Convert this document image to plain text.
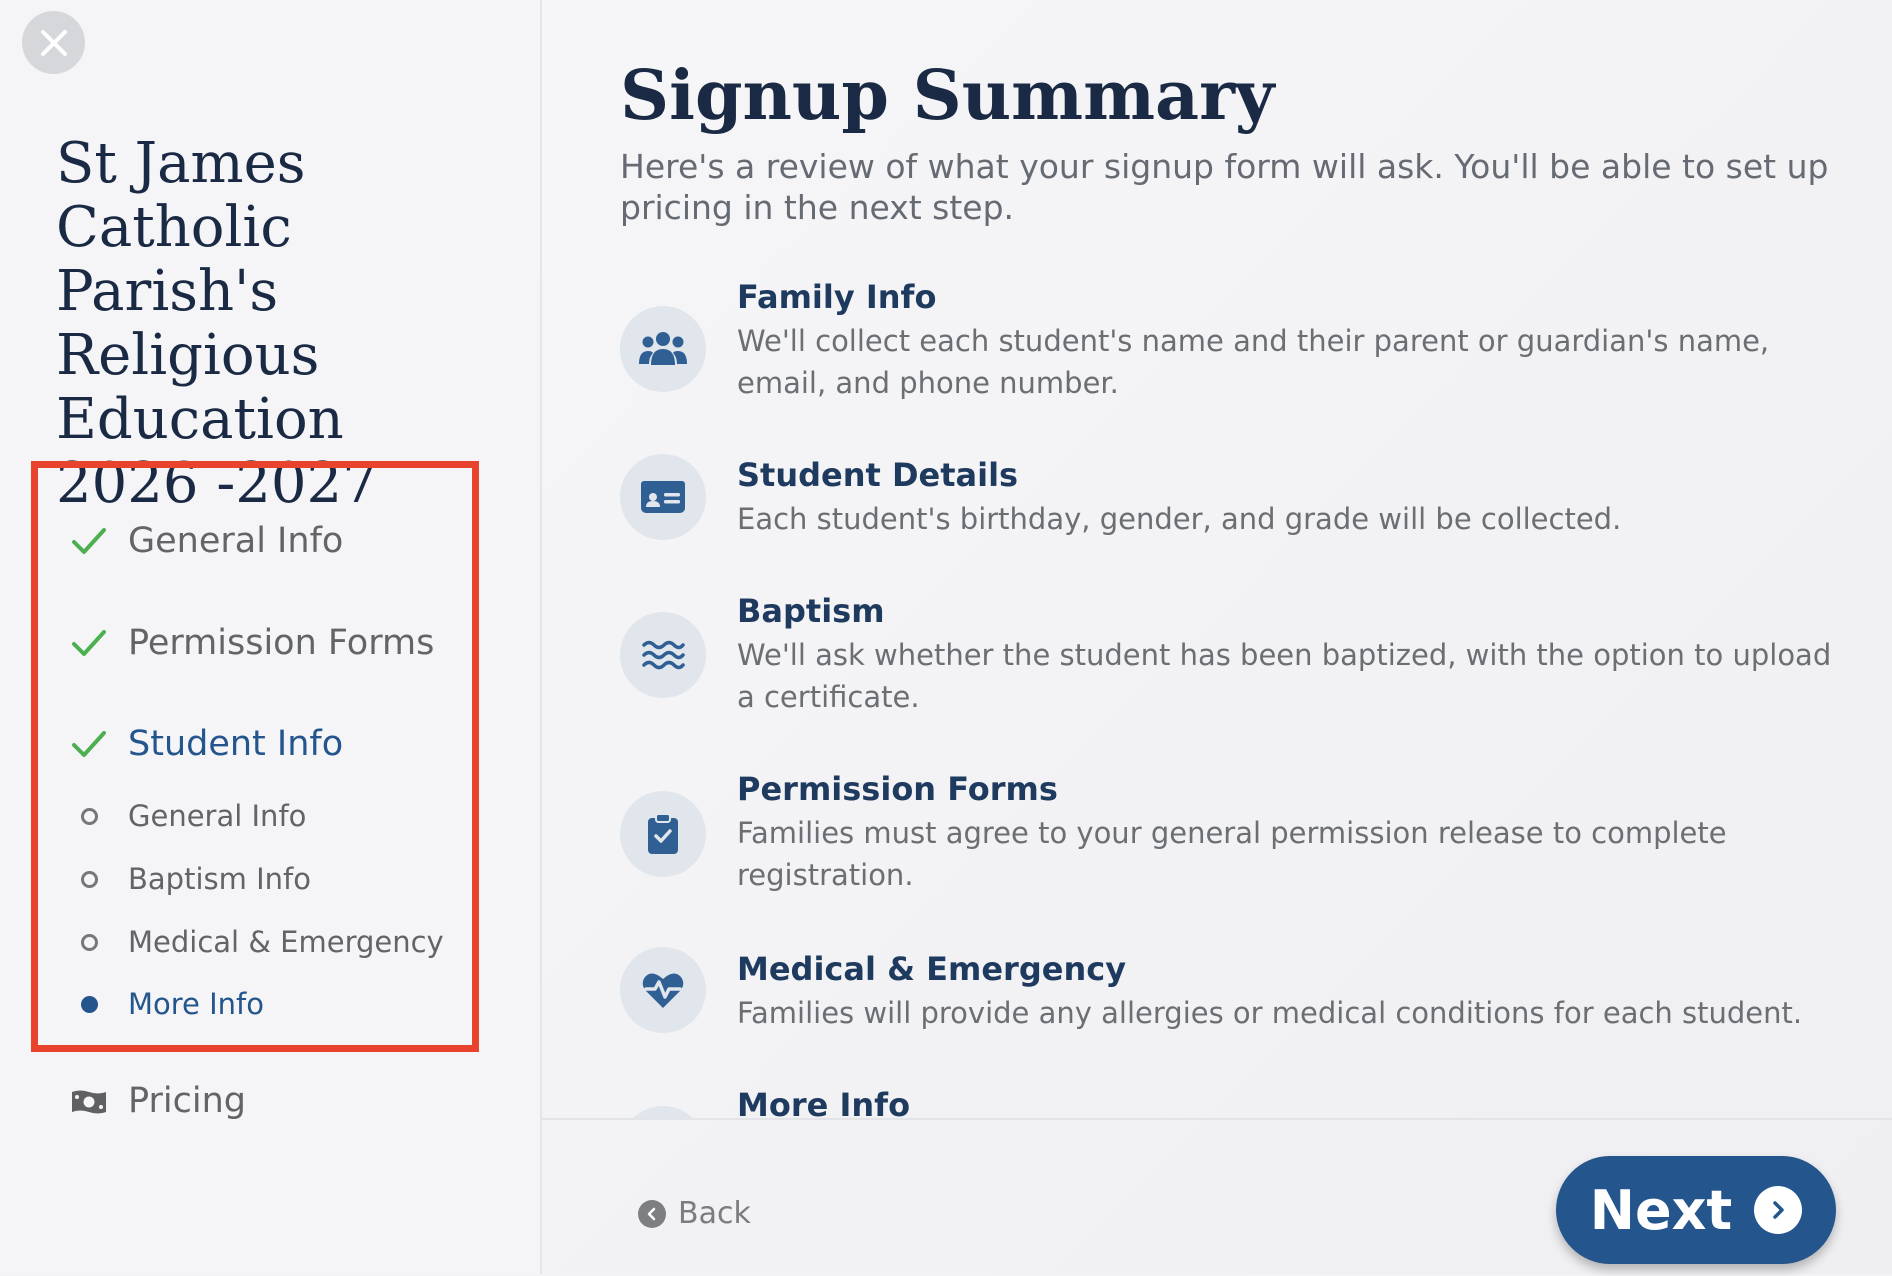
St James Catholic Parish's Religious Education 2026 -2027
General Info
Permission Forms
Student Info
General Info
Baptism Info
Medical & Emergency
More Info
Pricing
Signup Summary

Here's a review of what your signup form will ask. You'll be able to set up pricing in the next step.

Family Info
We'll collect each student's name and their parent or guardian's name, email, and phone number.
Student Details
Each student's birthday, gender, and grade will be collected.
Baptism
We'll ask whether the student has been baptized, with the option to upload a certificate.
Permission Forms
Families must agree to your general permission release to complete registration.
Medical & Emergency
Families will provide any allergies or medical conditions for each student.
More Info
Back	Next
